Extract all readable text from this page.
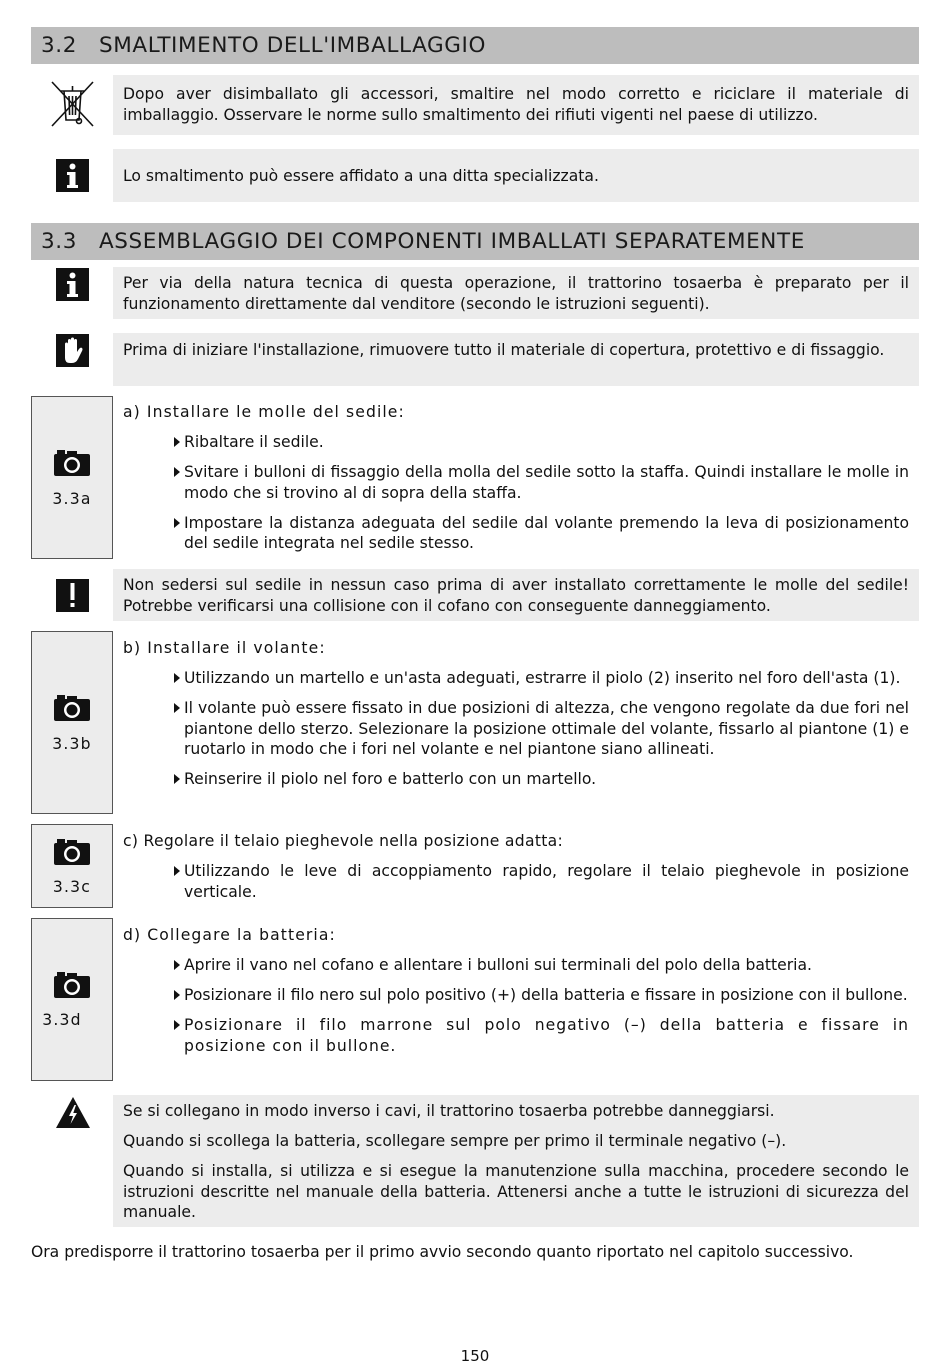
3.2 SMALTIMENTO DELL'IMBALLAGGIO

Dopo aver disimballato gli accessori, smaltire nel modo corretto e riciclare il materiale di imballaggio. Osservare le norme sullo smaltimento dei rifiuti vigenti nel paese di utilizzo.

Lo smaltimento può essere affidato a una ditta specializzata.

3.3 ASSEMBLAGGIO DEI COMPONENTI IMBALLATI SEPARATEMENTE

Per via della natura tecnica di questa operazione, il trattorino tosaerba è preparato per il funzionamento direttamente dal venditore (secondo le istruzioni seguenti).

Prima di iniziare l'installazione, rimuovere tutto il materiale di copertura, protettivo e di fissaggio.

3.3a

a) Installare le molle del sedile:

Ribaltare il sedile.
Svitare i bulloni di fissaggio della molla del sedile sotto la staffa. Quindi installare le molle in modo che si trovino al di sopra della staffa.
Impostare la distanza adeguata del sedile dal volante premendo la leva di posizionamento del sedile integrata nel sedile stesso.

Non sedersi sul sedile in nessun caso prima di aver installato correttamente le molle del sedile! Potrebbe verificarsi una collisione con il cofano con conseguente danneggiamento.

3.3b

b) Installare il volante:

Utilizzando un martello e un'asta adeguati, estrarre il piolo (2) inserito nel foro dell'asta (1).
Il volante può essere fissato in due posizioni di altezza, che vengono regolate da due fori nel piantone dello sterzo. Selezionare la posizione ottimale del volante, fissarlo al piantone (1) e ruotarlo in modo che i fori nel volante e nel piantone siano allineati.
Reinserire il piolo nel foro e batterlo con un martello.
3.3c

c) Regolare il telaio pieghevole nella posizione adatta:

Utilizzando le leve di accoppiamento rapido, regolare il telaio pieghevole in posizione verticale.
3.3d

d) Collegare la batteria:

Aprire il vano nel cofano e allentare i bulloni sui terminali del polo della batteria.
Posizionare il filo nero sul polo positivo (+) della batteria e fissare in posizione con il bullone.
Posizionare il filo marrone sul polo negativo (–) della batteria e fissare in posizione con il bullone.

Se si collegano in modo inverso i cavi, il trattorino tosaerba potrebbe danneggiarsi.

Quando si scollega la batteria, scollegare sempre per primo il terminale negativo (–).

Quando si installa, si utilizza e si esegue la manutenzione sulla macchina, procedere secondo le istruzioni descritte nel manuale della batteria. Attenersi anche a tutte le istruzioni di sicurezza del manuale.

Ora predisporre il trattorino tosaerba per il primo avvio secondo quanto riportato nel capitolo successivo.
150
